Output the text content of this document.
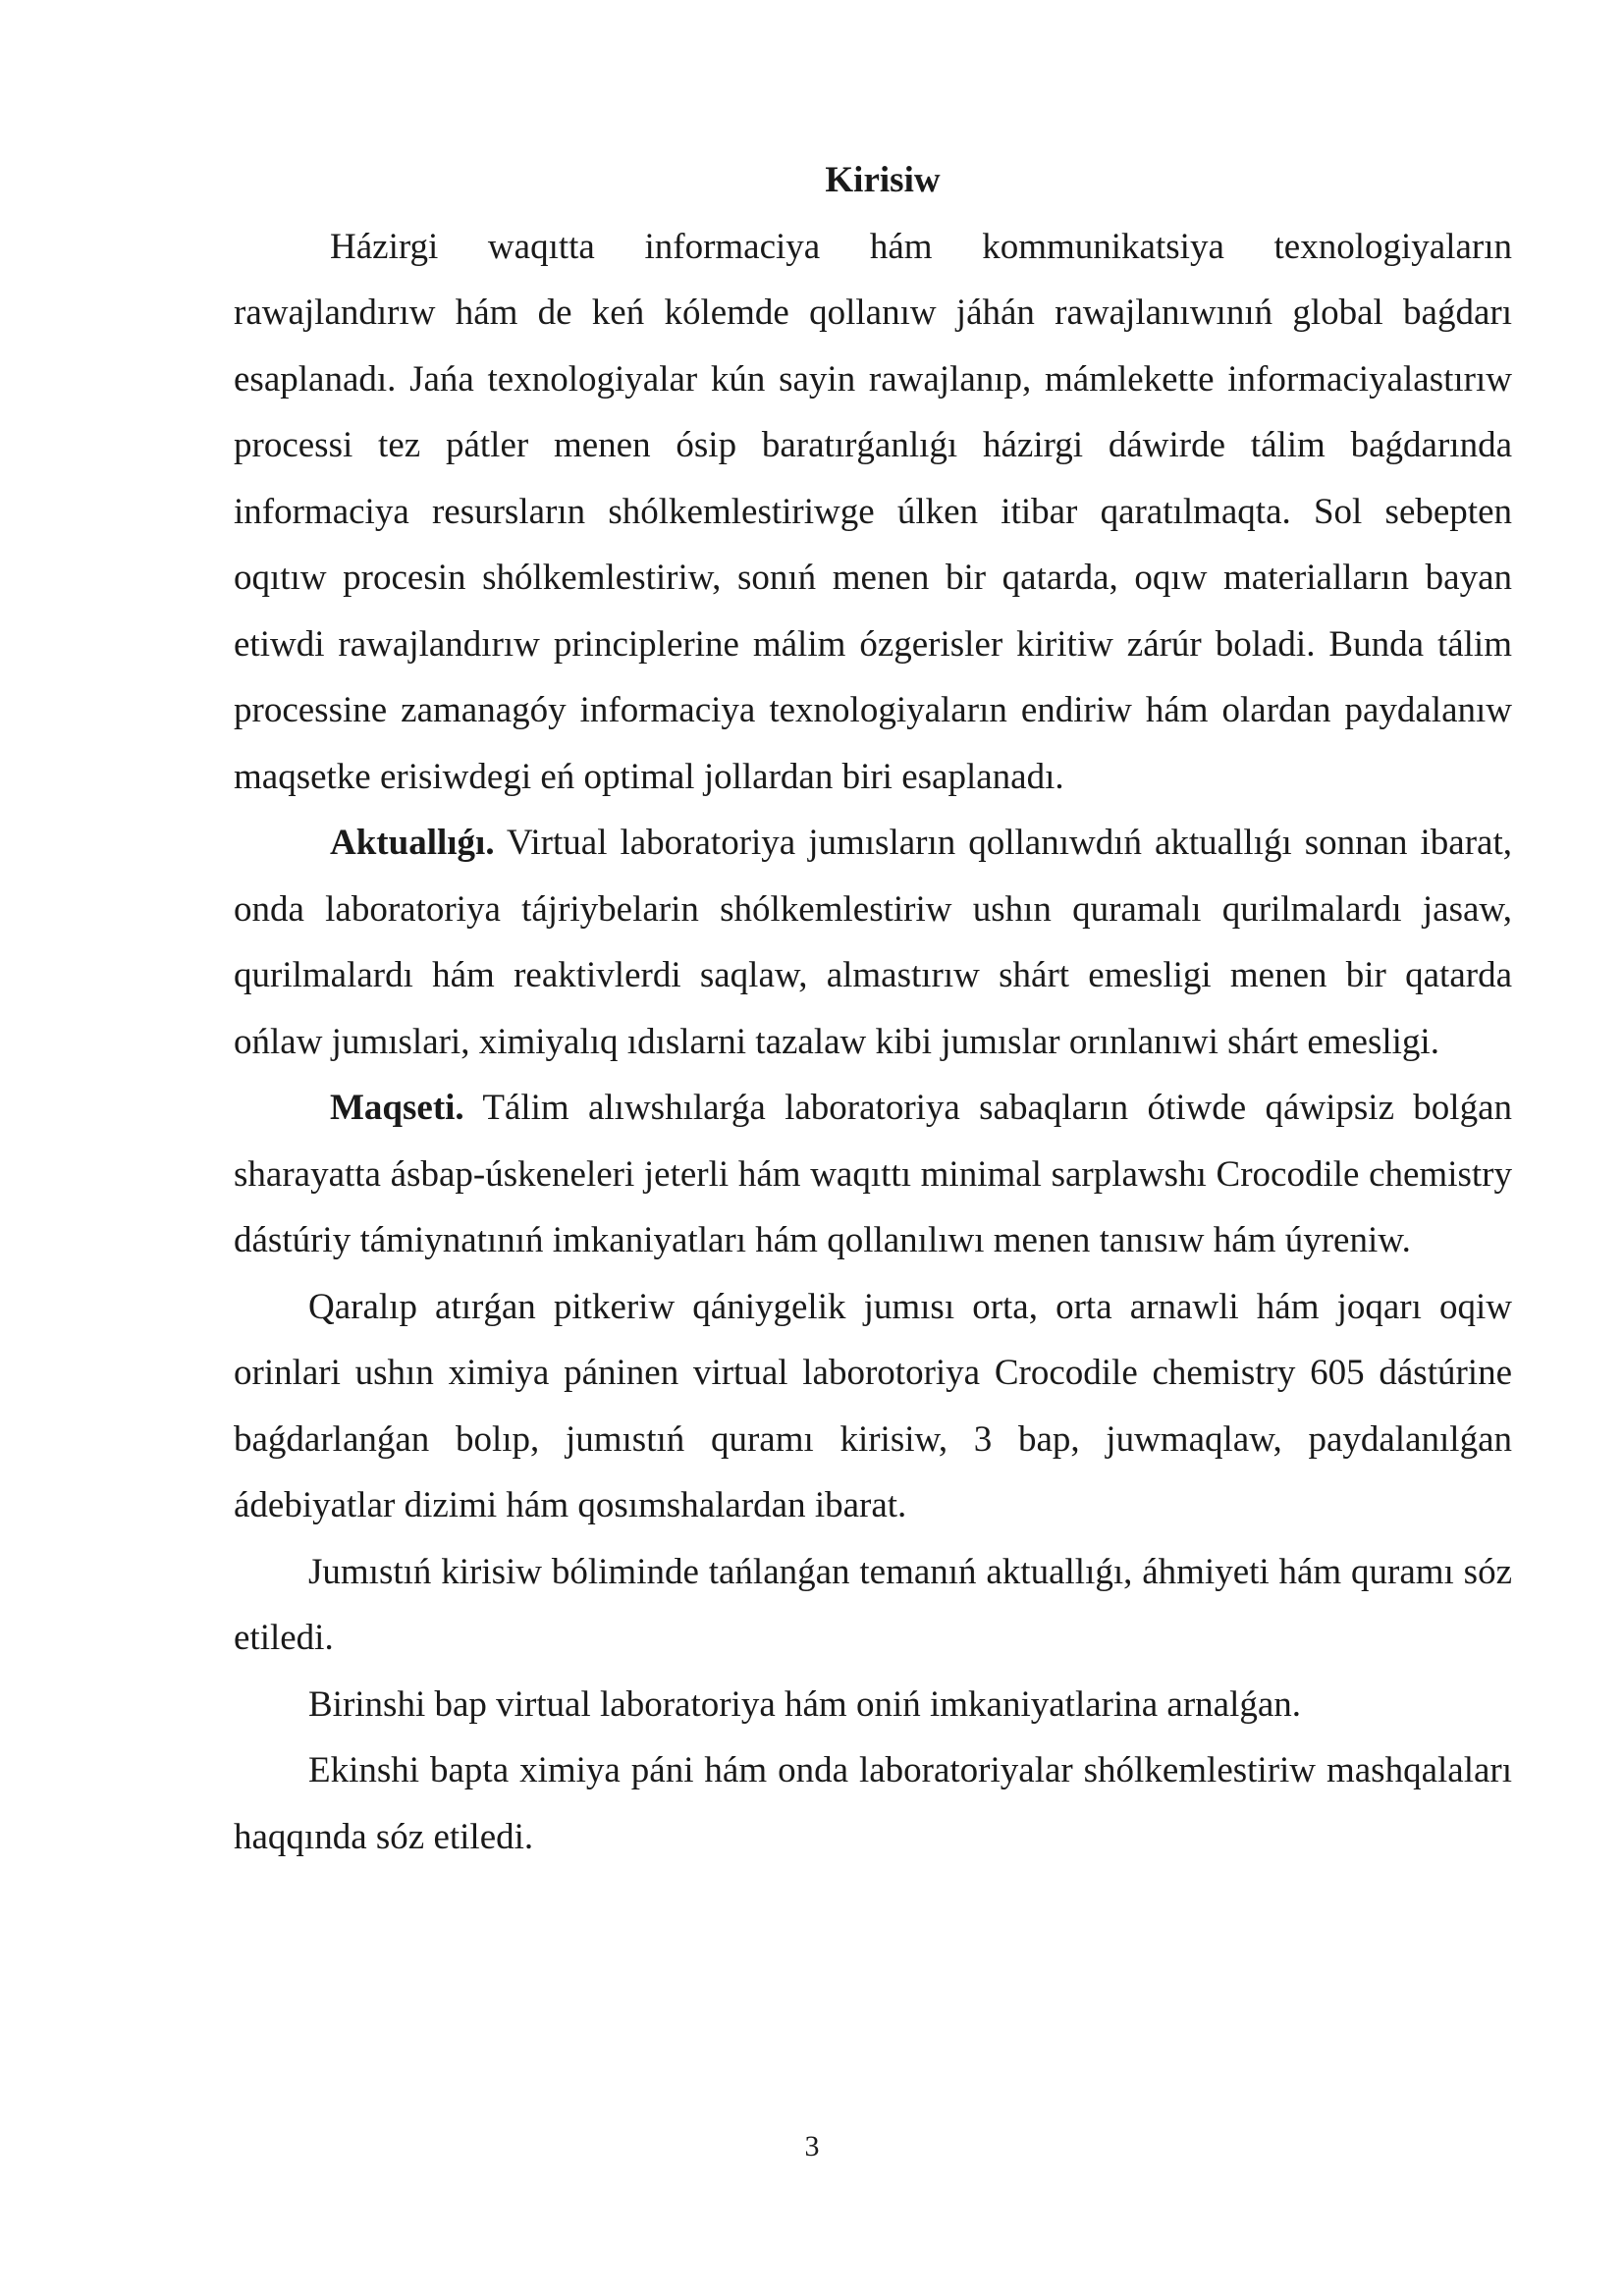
Kirisiw

Házirgi waqıtta informaciya hám kommunikatsiya texnologiyaların rawajlandırıw hám de keń kólemde qollanıw jáhán rawajlanıwınıń global baǵdarı esaplanadı. Jańa texnologiyalar kún sayin rawajlanıp, mámlekette informaciyalastırıw processi tez pátler menen ósip baratırǵanlıǵı házirgi dáwirde tálim baǵdarında informaciya resursların shólkemlestiriwge úlken itibar qaratılmaqta. Sol sebepten oqıtıw procesin shólkemlestiriw, sonıń menen bir qatarda, oqıw materialların bayan etiwdi rawajlandırıw principlerine málim ózgerisler kiritiw zárúr boladi. Bunda tálim processine zamanagóy informaciya texnologiyaların endiriw hám olardan paydalanıw maqsetke erisiwdegi eń optimal jollardan biri esaplanadı.

Aktuallıǵı. Virtual laboratoriya jumısların qollanıwdıń aktuallıǵı sonnan ibarat, onda laboratoriya tájriybelarin shólkemlestiriw ushın quramalı qurilmalardı jasaw, qurilmalardı hám reaktivlerdi saqlaw, almastırıw shárt emesligi menen bir qatarda ońlaw jumıslari, ximiyalıq ıdıslarni tazalaw kibi jumıslar orınlanıwi shárt emesligi.

Maqseti. Tálim alıwshılarǵa laboratoriya sabaqların ótiwde qáwipsiz bolǵan sharayatta ásbap-úskeneleri jeterli hám waqıttı minimal sarplawshı Crocodile chemistry dástúriy támiynatınıń imkaniyatları hám qollanılıwı menen tanısıw hám úyreniw.

Qaralıp atırǵan pitkeriw qániygelik jumısı orta, orta arnawli hám joqarı oqiw orinlari ushın ximiya páninen virtual laborotoriya Crocodile chemistry 605 dástúrine baǵdarlanǵan bolıp, jumıstıń quramı kirisiw, 3 bap, juwmaqlaw, paydalanılǵan ádebiyatlar dizimi hám qosımshalardan ibarat.

Jumıstıń kirisiw bóliminde tańlanǵan temanıń aktuallıǵı, áhmiyeti hám quramı sóz etiledi.

Birinshi bap virtual laboratoriya hám oniń imkaniyatlarina arnalǵan.

Ekinshi bapta ximiya páni hám onda laboratoriyalar shólkemlestiriw mashqalaları haqqında sóz etiledi.

3
